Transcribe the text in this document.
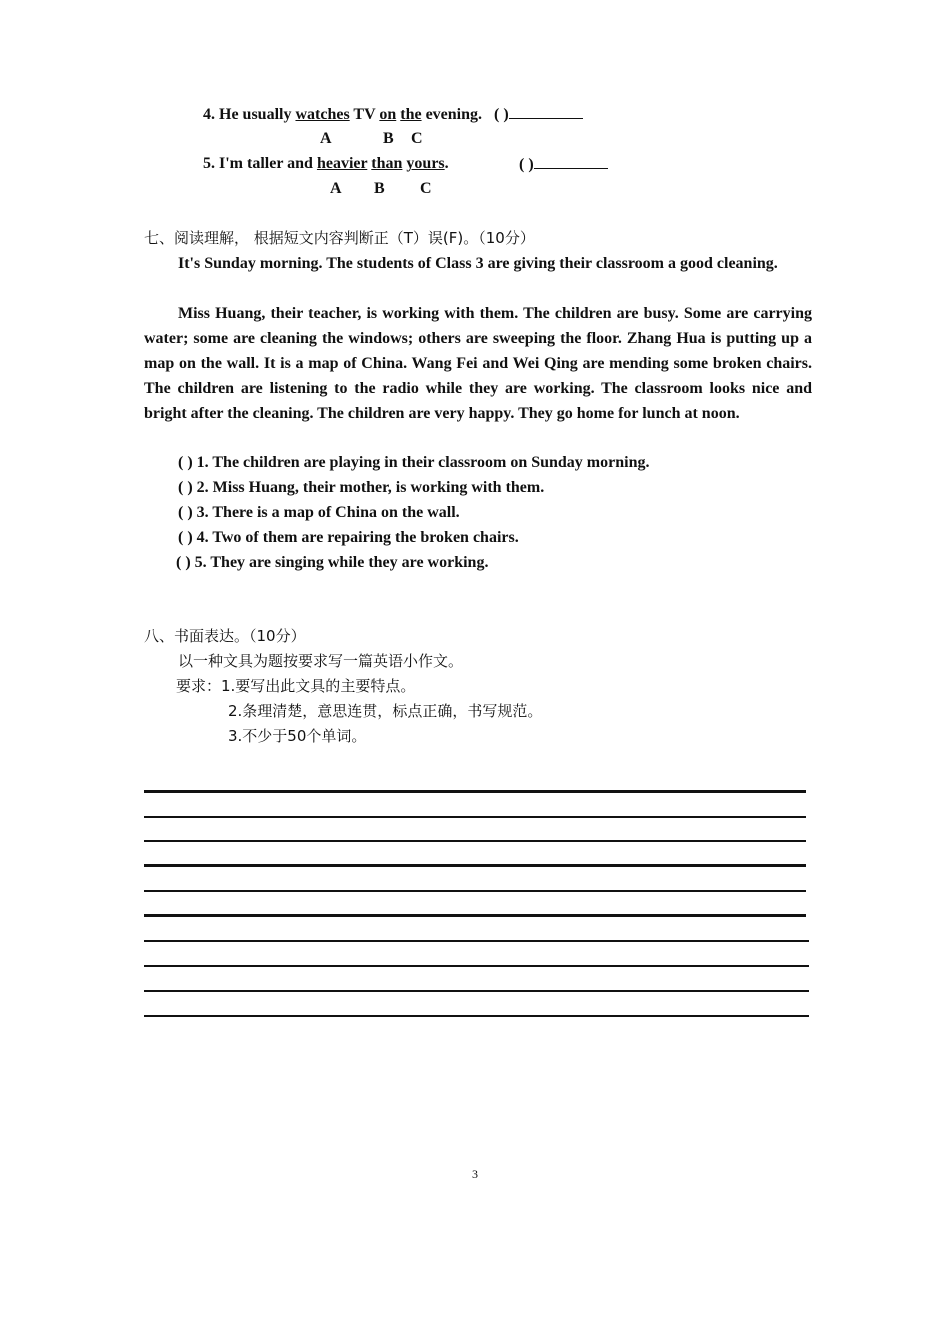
4. He usually watches TV on the evening. ( )
A	B C
5. I'm taller and heavier than yours.	( )
A B C
七、阅读理解， 根据短文内容判断正（T）误(F)。（10分）
It's Sunday morning. The students of Class 3 are giving their classroom a good cleaning.
Miss Huang, their teacher, is working with them. The children are busy. Some are carrying water; some are cleaning the windows; others are sweeping the floor. Zhang Hua is putting up a map on the wall. It is a map of China. Wang Fei and Wei Qing are mending some broken chairs. The children are listening to the radio while they are working. The classroom looks nice and bright after the cleaning. The children are very happy. They go home for lunch at noon.
( ) 1. The children are playing in their classroom on Sunday morning.
( ) 2. Miss Huang, their mother, is working with them.
( ) 3. There is a map of China on the wall.
( ) 4. Two of them are repairing the broken chairs.
( ) 5. They are singing while they are working.
八、书面表达。（10分）
以一种文具为题按要求写一篇英语小作文。
要求：1.要写出此文具的主要特点。
2.条理清楚，意思连贯，标点正确，书写规范。
3.不少于50个单词。
3
